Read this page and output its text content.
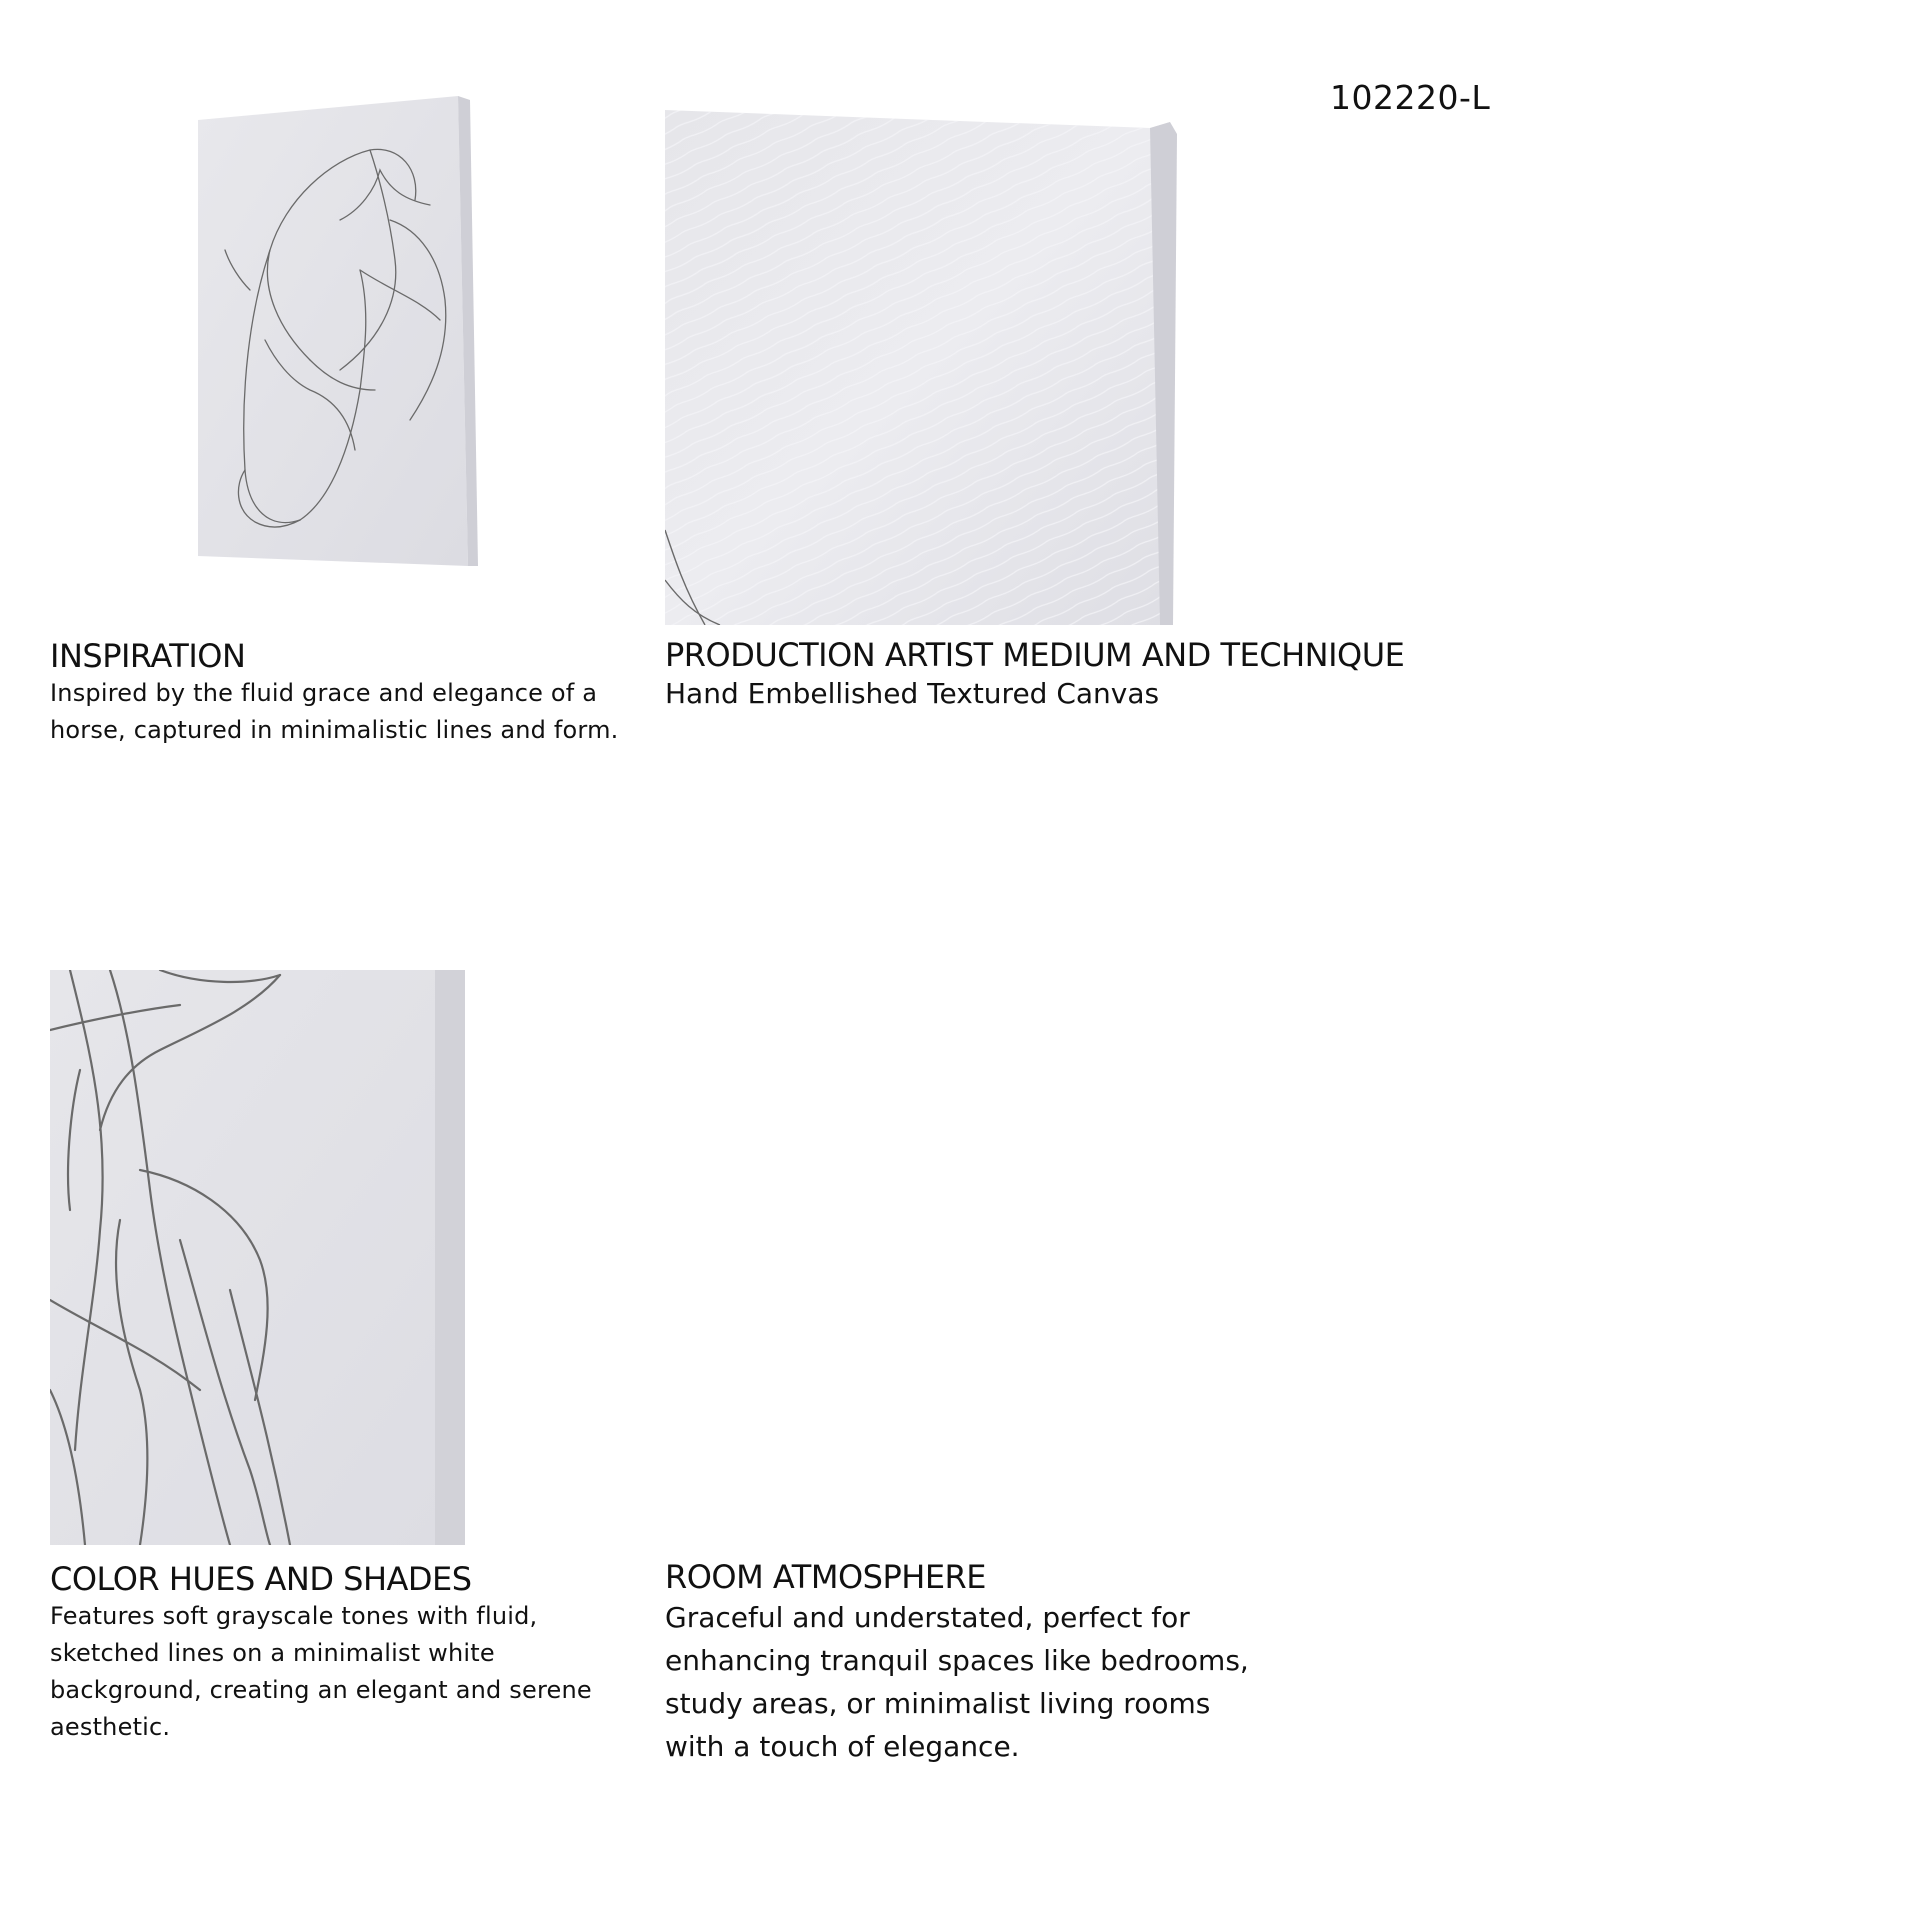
102220-L
INSPIRATION

Inspired by the fluid grace and elegance of a horse, captured in minimalistic lines and form.

PRODUCTION ARTIST MEDIUM AND TECHNIQUE

Hand Embellished Textured Canvas

COLOR HUES AND SHADES

Features soft grayscale tones with fluid, sketched lines on a minimalist white background, creating an elegant and serene aesthetic.

ROOM ATMOSPHERE

Graceful and understated, perfect for enhancing tranquil spaces like bedrooms, study areas, or minimalist living rooms with a touch of elegance.
